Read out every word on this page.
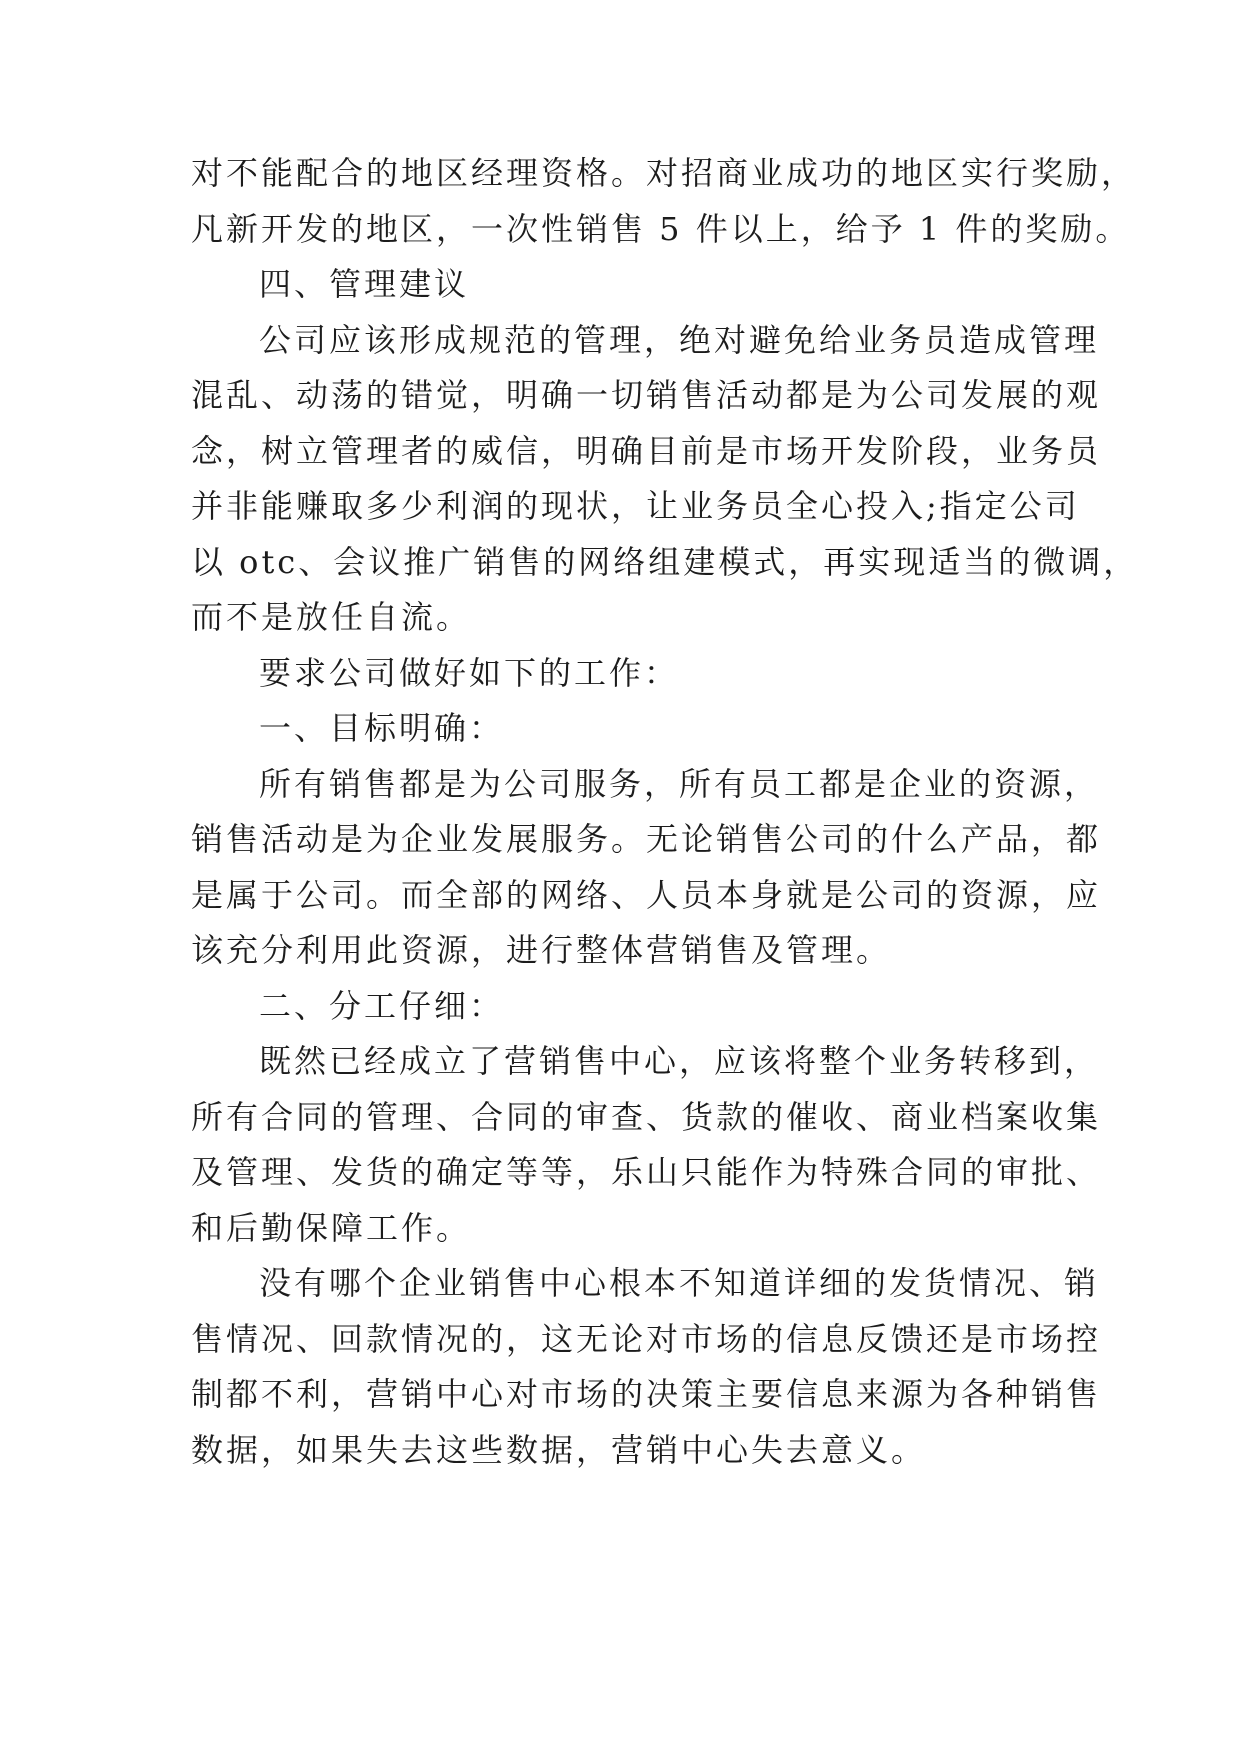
对不能配合的地区经理资格。对招商业成功的地区实行奖励，
凡新开发的地区，一次性销售 5 件以上，给予 1 件的奖励。
四、管理建议
公司应该形成规范的管理，绝对避免给业务员造成管理
混乱、动荡的错觉，明确一切销售活动都是为公司发展的观
念，树立管理者的威信，明确目前是市场开发阶段，业务员
并非能赚取多少利润的现状，让业务员全心投入;指定公司
以 otc、会议推广销售的网络组建模式，再实现适当的微调，
而不是放任自流。
要求公司做好如下的工作：
一、目标明确：
所有销售都是为公司服务，所有员工都是企业的资源，
销售活动是为企业发展服务。无论销售公司的什么产品，都
是属于公司。而全部的网络、人员本身就是公司的资源，应
该充分利用此资源，进行整体营销售及管理。
二、分工仔细：
既然已经成立了营销售中心，应该将整个业务转移到，
所有合同的管理、合同的审查、货款的催收、商业档案收集
及管理、发货的确定等等，乐山只能作为特殊合同的审批、
和后勤保障工作。
没有哪个企业销售中心根本不知道详细的发货情况、销
售情况、回款情况的，这无论对市场的信息反馈还是市场控
制都不利，营销中心对市场的决策主要信息来源为各种销售
数据，如果失去这些数据，营销中心失去意义。
